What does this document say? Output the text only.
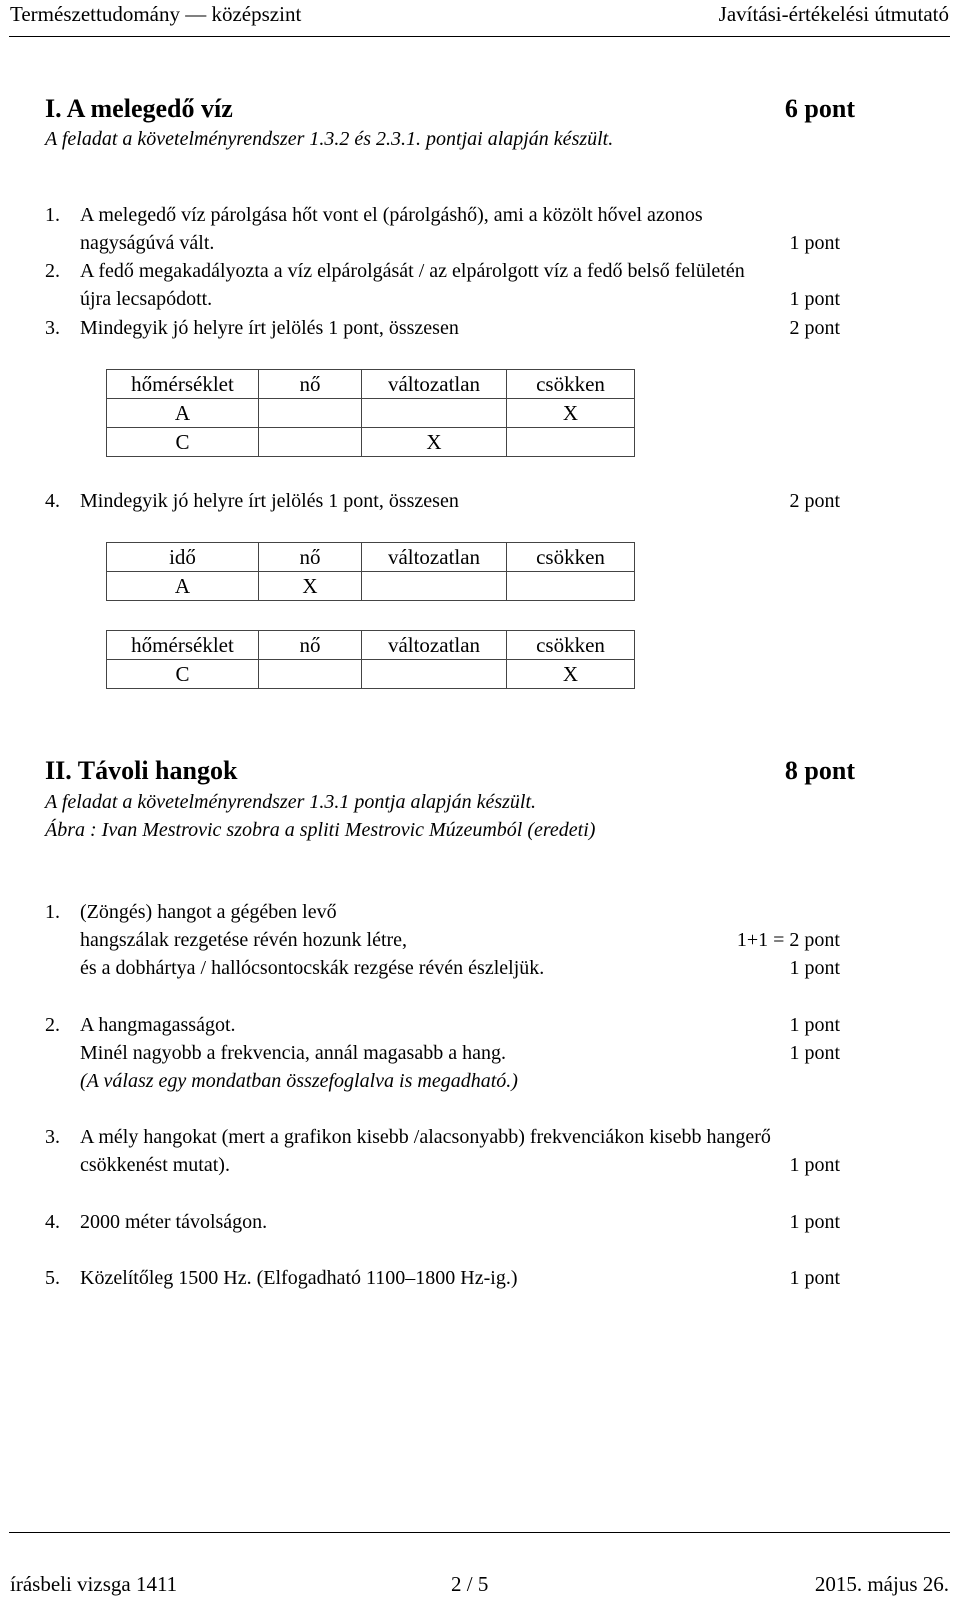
Természettudomány — középszint	Javítási-értékelési útmutató
I. A melegedő víz	6 pont
A feladat a követelményrendszer 1.3.2 és 2.3.1. pontjai alapján készült.
1. A melegedő víz párolgása hőt vont el (párolgáshő), ami a közölt hővel azonos
nagyságúvá vált.	1 pont
2. A fedő megakadályozta a víz elpárolgását / az elpárolgott víz a fedő belső felületén
újra lecsapódott.	1 pont
3. Mindegyik jó helyre írt jelölés 1 pont, összesen	2 pont
hőmérséklet	nő	változatlan	csökken
A			X
C		X	
4. Mindegyik jó helyre írt jelölés 1 pont, összesen	2 pont
idő	nő	változatlan	csökken
A	X		
hőmérséklet	nő	változatlan	csökken
C			X
II. Távoli hangok	8 pont
A feladat a követelményrendszer 1.3.1 pontja alapján készült.
Ábra : Ivan Mestrovic szobra a spliti Mestrovic Múzeumból (eredeti)
1. (Zöngés) hangot a gégében levő
hangszálak rezgetése révén hozunk létre,	1+1 = 2 pont
és a dobhártya / hallócsontocskák rezgése révén észleljük.	1 pont
2. A hangmagasságot.	1 pont
Minél nagyobb a frekvencia, annál magasabb a hang.	1 pont
(A válasz egy mondatban összefoglalva is megadható.)
3. A mély hangokat (mert a grafikon kisebb /alacsonyabb) frekvenciákon kisebb hangerő
csökkenést mutat).	1 pont
4. 2000 méter távolságon.	1 pont
5. Közelítőleg 1500 Hz. (Elfogadható 1100–1800 Hz-ig.)	1 pont
írásbeli vizsga 1411	2 / 5	2015. május 26.
